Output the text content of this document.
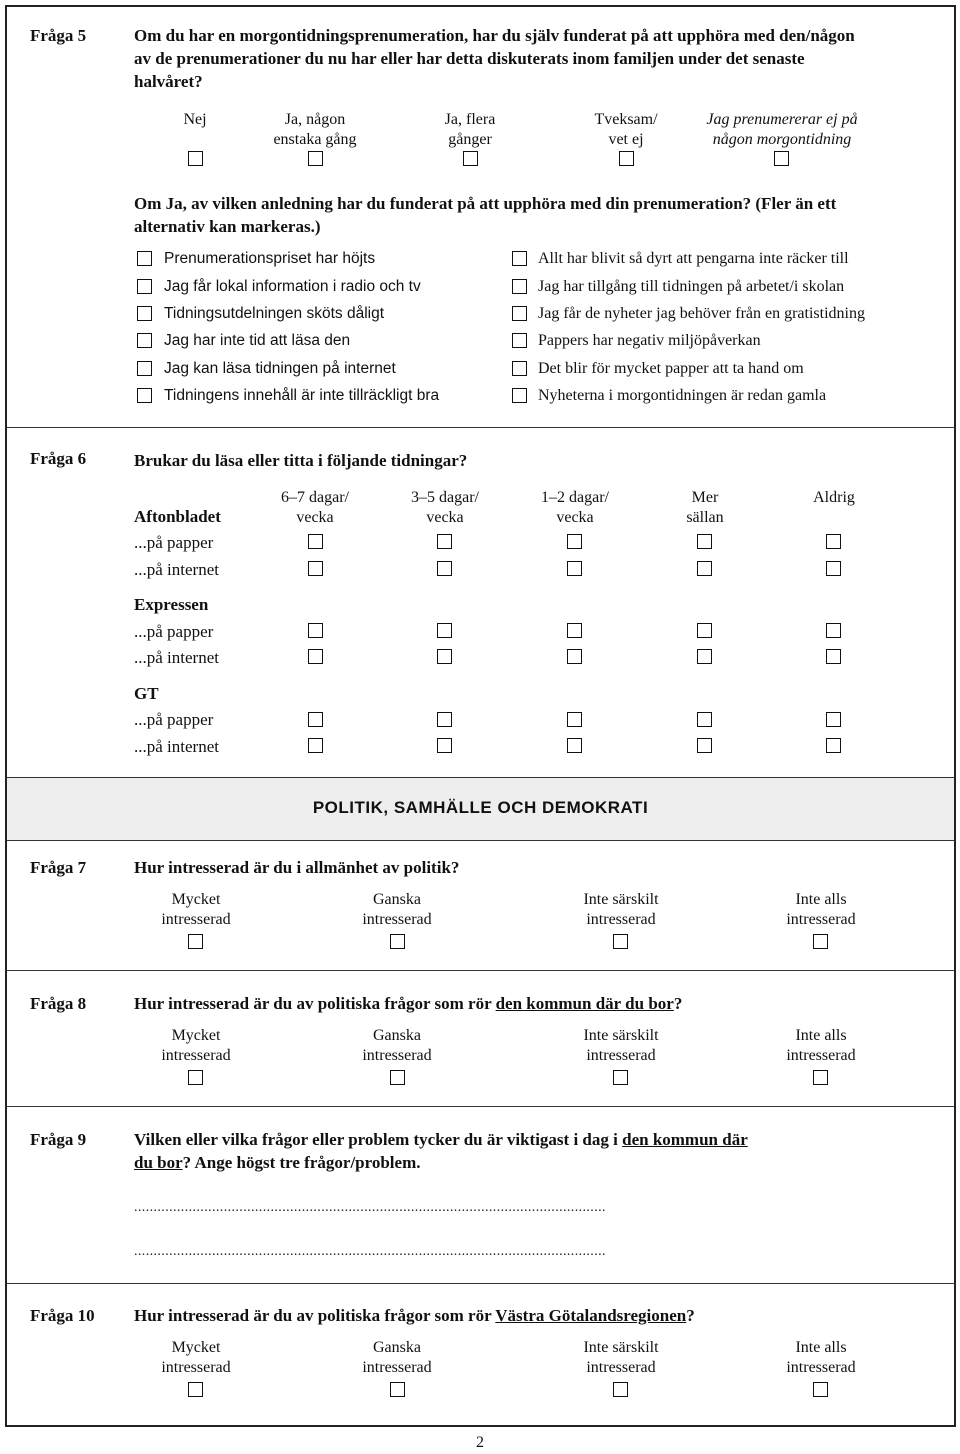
Fråga 5	Om du har en morgontidningsprenumeration, har du själv funderat på att upphöra med den/någon av de prenumerationer du nu har eller har detta diskuterats inom familjen under det senaste halvåret?
Nej	Ja, någon
enstaka gång
Ja, flera
gånger
Tveksam/
vet ej
Jag prenumererar ej på
någon morgontidning
Om Ja, av vilken anledning har du funderat på att upphöra med din prenumeration? (Fler än ett alternativ kan markeras.)
Prenumerationspriset har höjts
Jag får lokal information i radio och tv
Tidningsutdelningen sköts dåligt
Jag har inte tid att läsa den
Jag kan läsa tidningen på internet
Tidningens innehåll är inte tillräckligt bra
Allt har blivit så dyrt att pengarna inte räcker till
Jag har tillgång till tidningen på arbetet/i skolan
Jag får de nyheter jag behöver från en gratistidning
Pappers har negativ miljöpåverkan
Det blir för mycket papper att ta hand om
Nyheterna i morgontidningen är redan gamla
Fråga 6	Brukar du läsa eller titta i följande tidningar?
6–7 dagar/
vecka
3–5 dagar/
vecka
1–2 dagar/
vecka
Mer
sällan
Aldrig
Aftonbladet
...på papper
...på internet
Expressen
...på papper
...på internet
GT
...på papper
...på internet
POLITIK, SAMHÄLLE OCH DEMOKRATI
Fråga 7	Hur intresserad är du i allmänhet av politik?
Mycket
intresserad
Ganska
intresserad
Inte särskilt
intresserad
Inte alls
intresserad
Fråga 8	Hur intresserad är du av politiska frågor som rör den kommun där du bor?
Mycket
intresserad
Ganska
intresserad
Inte särskilt
intresserad
Inte alls
intresserad
Fråga 9	Vilken eller vilka frågor eller problem tycker du är viktigast i dag i den kommun där
du bor? Ange högst tre frågor/problem.
.........................................................................................................................
.........................................................................................................................
Fråga 10 Hur intresserad är du av politiska frågor som rör Västra Götalandsregionen?
Mycket
intresserad
Ganska
intresserad
Inte särskilt
intresserad
Inte alls
intresserad
2
